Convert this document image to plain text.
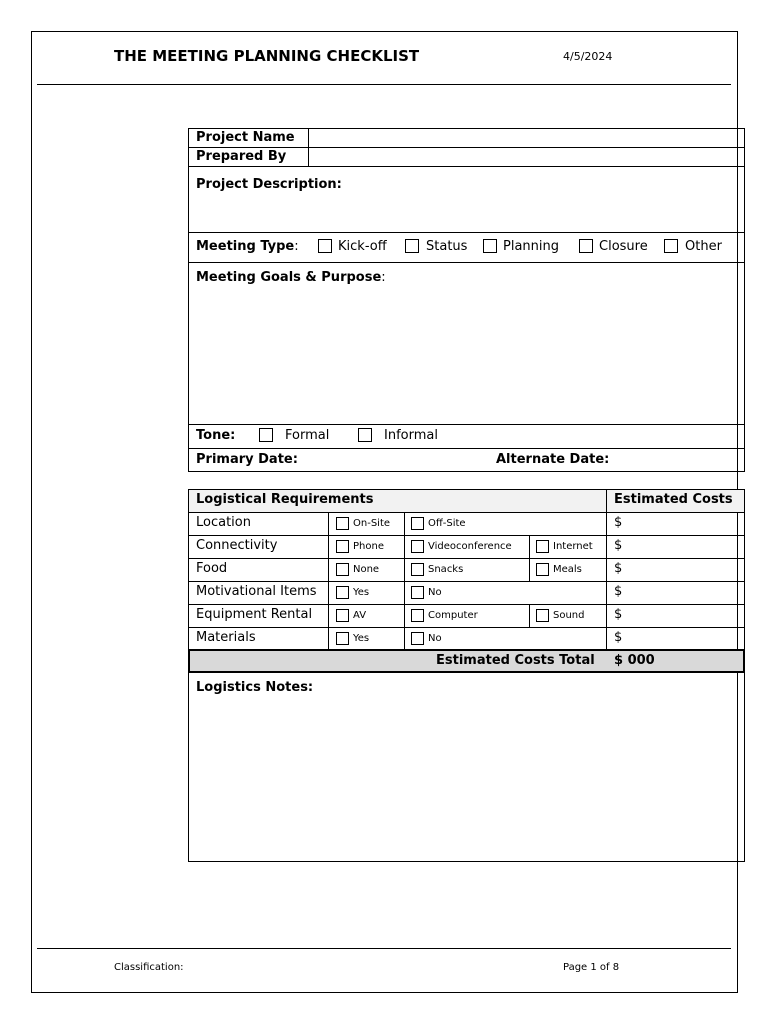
THE MEETING PLANNING CHECKLIST	4/5/2024
Project Name
Prepared By
Project Description:
Meeting Type:	Kick-off	Status	Planning	Closure	Other
Meeting Goals & Purpose:
Tone:	Formal	Informal
Primary Date:	Alternate Date:
Logistical Requirements	Estimated Costs
Location	On-Site	Off-Site	$
Connectivity	Phone	Videoconference	Internet $
Food	None	Snacks	Meals $
Motivational Items	Yes	No	$
Equipment Rental	AV	Computer	Sound $
Materials	Yes	No	$
Estimated Costs Total $ 000
Logistics Notes:
Classification:	Page 1 of 8
